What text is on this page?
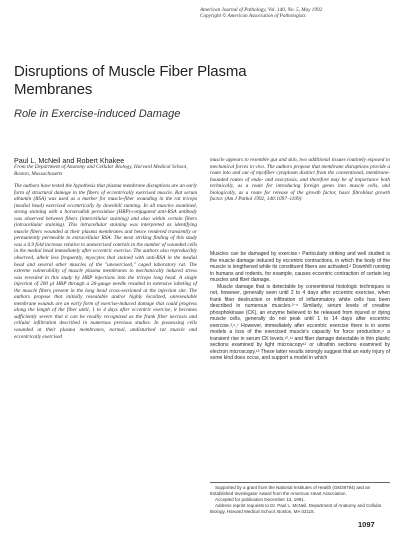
American Journal of Pathology, Vol. 140, No. 5, May 1992
Copyright © American Association of Pathologists
Disruptions of Muscle Fiber Plasma Membranes
Role in Exercise-induced Damage
Paul L. McNeil and Robert Khakee
From the Department of Anatomy and Cellular Biology, Harvard Medical School, Boston, Massachusetts
The authors have tested the hypothesis that plasma membrane disruptions are an early form of structural damage in the fibers of eccentrically exercised muscle. Rat serum albumin (RSA) was used as a marker for muscle-fiber wounding in the rat triceps (medial head) exercised eccentrically by downhill running. In all muscles examined, strong staining with a horseradish peroxidase (HRP)-conjugated anti-RSA antibody was observed between fibers (intercellular staining) and also within certain fibers (intracellular staining). This intracellular staining was interpreted as identifying muscle fibers wounded at their plasma membranes and hence rendered transiently or permanently permeable to extracellular RSA. The most striking finding of this study was a 6.9 fold increase relative to unexercised controls in the number of wounded cells in the medial head immediately after eccentric exercise. The authors also reproducibly observed, albeit less frequently, myocytes that stained with anti-RSA in the medial head and several other muscles of the "unexercised," caged laboratory rat. The extreme vulnerability of muscle plasma membranes to mechanically induced stress was revealed in this study by HRP injections into the triceps long head. A single injection of 200 µl HRP through a 26-gauge needle resulted in extensive labeling of the muscle fibers present in the long head cross-sectioned at the injection site. The authors propose that initially resealable and/or highly localized, unresealable membrane wounds are an early form of exercise-induced damage that could progress along the length of the fiber until, 1 to 4 days after eccentric exercise, it becomes sufficiently severe that it can be readily recognized as the frank fiber necrosis and cellular infiltration described in numerous previous studies. In possessing cells wounded at their plasma membranes, normal, undisturbed rat muscle and eccentrically exercised
muscle appears to resemble gut and skin, two additional tissues routinely exposed to mechanical forces in vivo. The authors propose that membrane disruptions provide a route into and out of myofiber cytoplasm distinct from the conventional, membrane-bounded routes of endo- and exocytosis, and therefore may be of importance both technically, as a route for introducing foreign genes into muscle cells, and biologically, as a route for release of the growth factor, basic fibroblast growth factor. (Am J Pathol 1992, 140:1097–1109)

Muscles can be damaged by exercise.¹ Particularly striking and well studied is the muscle damage induced by eccentric contractions, in which the body of the muscle is lengthened while its constituent fibers are activated.² Downhill running in humans and rodents, for example, causes eccentric contraction of certain leg muscles and fiber damage.

Muscle damage that is detectable by conventional histologic techniques is not, however, generally seen until 2 to 4 days after eccentric exercise, when frank fiber destruction or infiltration of inflammatory white cells has been described in numerous muscles.³⁻⁵ Similarly, serum levels of creatine phosphokinase (CK), an enzyme believed to be released from injured or dying muscle cells, generally do not peak until 1 to 14 days after eccentric exercise.³,⁶,⁷ However, immediately after eccentric exercise there is in some models a loss of the exercised muscle's capacity for force production,⁸ a transient rise in serum CK levels,¹⁰,¹¹ and fiber damage detectable in thin plastic sections examined by light microscopy¹² or ultrathin sections examined by electron microscopy.¹³ These latter results strongly suggest that an early injury of some kind does occur, and support a model in which

Supported by a grant from the National Institutes of Health (GM39794) and an Established Investigator Award from the American Heart Association.
Accepted for publication December 13, 1991.
Address reprint requests to Dr. Paul L. McNeil, Department of Anatomy and Cellular Biology, Harvard Medical School, Boston, MA 02115.
1097
